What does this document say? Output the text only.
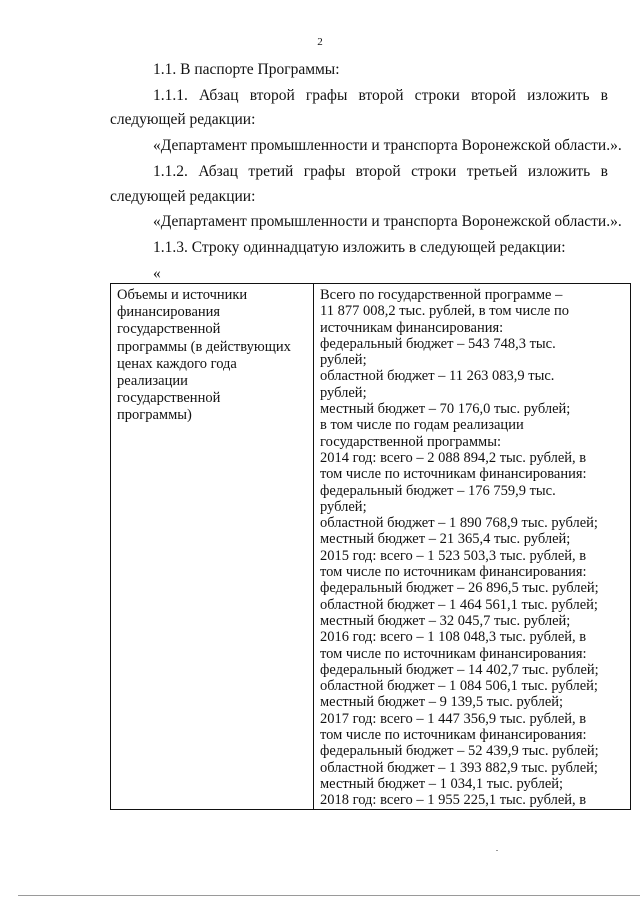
2
1.1. В паспорте Программы:
1.1.1. Абзац второй графы второй строки второй изложить в
следующей редакции:
«Департамент промышленности и транспорта Воронежской области.».
1.1.2. Абзац третий графы второй строки третьей изложить в
следующей редакции:
«Департамент промышленности и транспорта Воронежской области.».
1.1.3. Строку одиннадцатую изложить в следующей редакции:
«
Объемы и источники
финансирования
государственной
программы (в действующих
ценах каждого года
реализации
государственной
программы)

Всего по государственной программе –
11 877 008,2 тыс. рублей, в том числе по
источникам финансирования:
федеральный бюджет – 543 748,3 тыс.
рублей;
областной бюджет – 11 263 083,9 тыс.
рублей;
местный бюджет – 70 176,0 тыс. рублей;
в том числе по годам реализации
государственной программы:
2014 год: всего – 2 088 894,2 тыс. рублей, в
том числе по источникам финансирования:
федеральный бюджет – 176 759,9 тыс.
рублей;
областной бюджет – 1 890 768,9 тыс. рублей;
местный бюджет – 21 365,4 тыс. рублей;
2015 год: всего – 1 523 503,3 тыс. рублей, в
том числе по источникам финансирования:
федеральный бюджет – 26 896,5 тыс. рублей;
областной бюджет – 1 464 561,1 тыс. рублей;
местный бюджет – 32 045,7 тыс. рублей;
2016 год: всего – 1 108 048,3 тыс. рублей, в
том числе по источникам финансирования:
федеральный бюджет – 14 402,7 тыс. рублей;
областной бюджет – 1 084 506,1 тыс. рублей;
местный бюджет – 9 139,5 тыс. рублей;
2017 год: всего – 1 447 356,9 тыс. рублей, в
том числе по источникам финансирования:
федеральный бюджет – 52 439,9 тыс. рублей;
областной бюджет – 1 393 882,9 тыс. рублей;
местный бюджет – 1 034,1 тыс. рублей;
2018 год: всего – 1 955 225,1 тыс. рублей, в
